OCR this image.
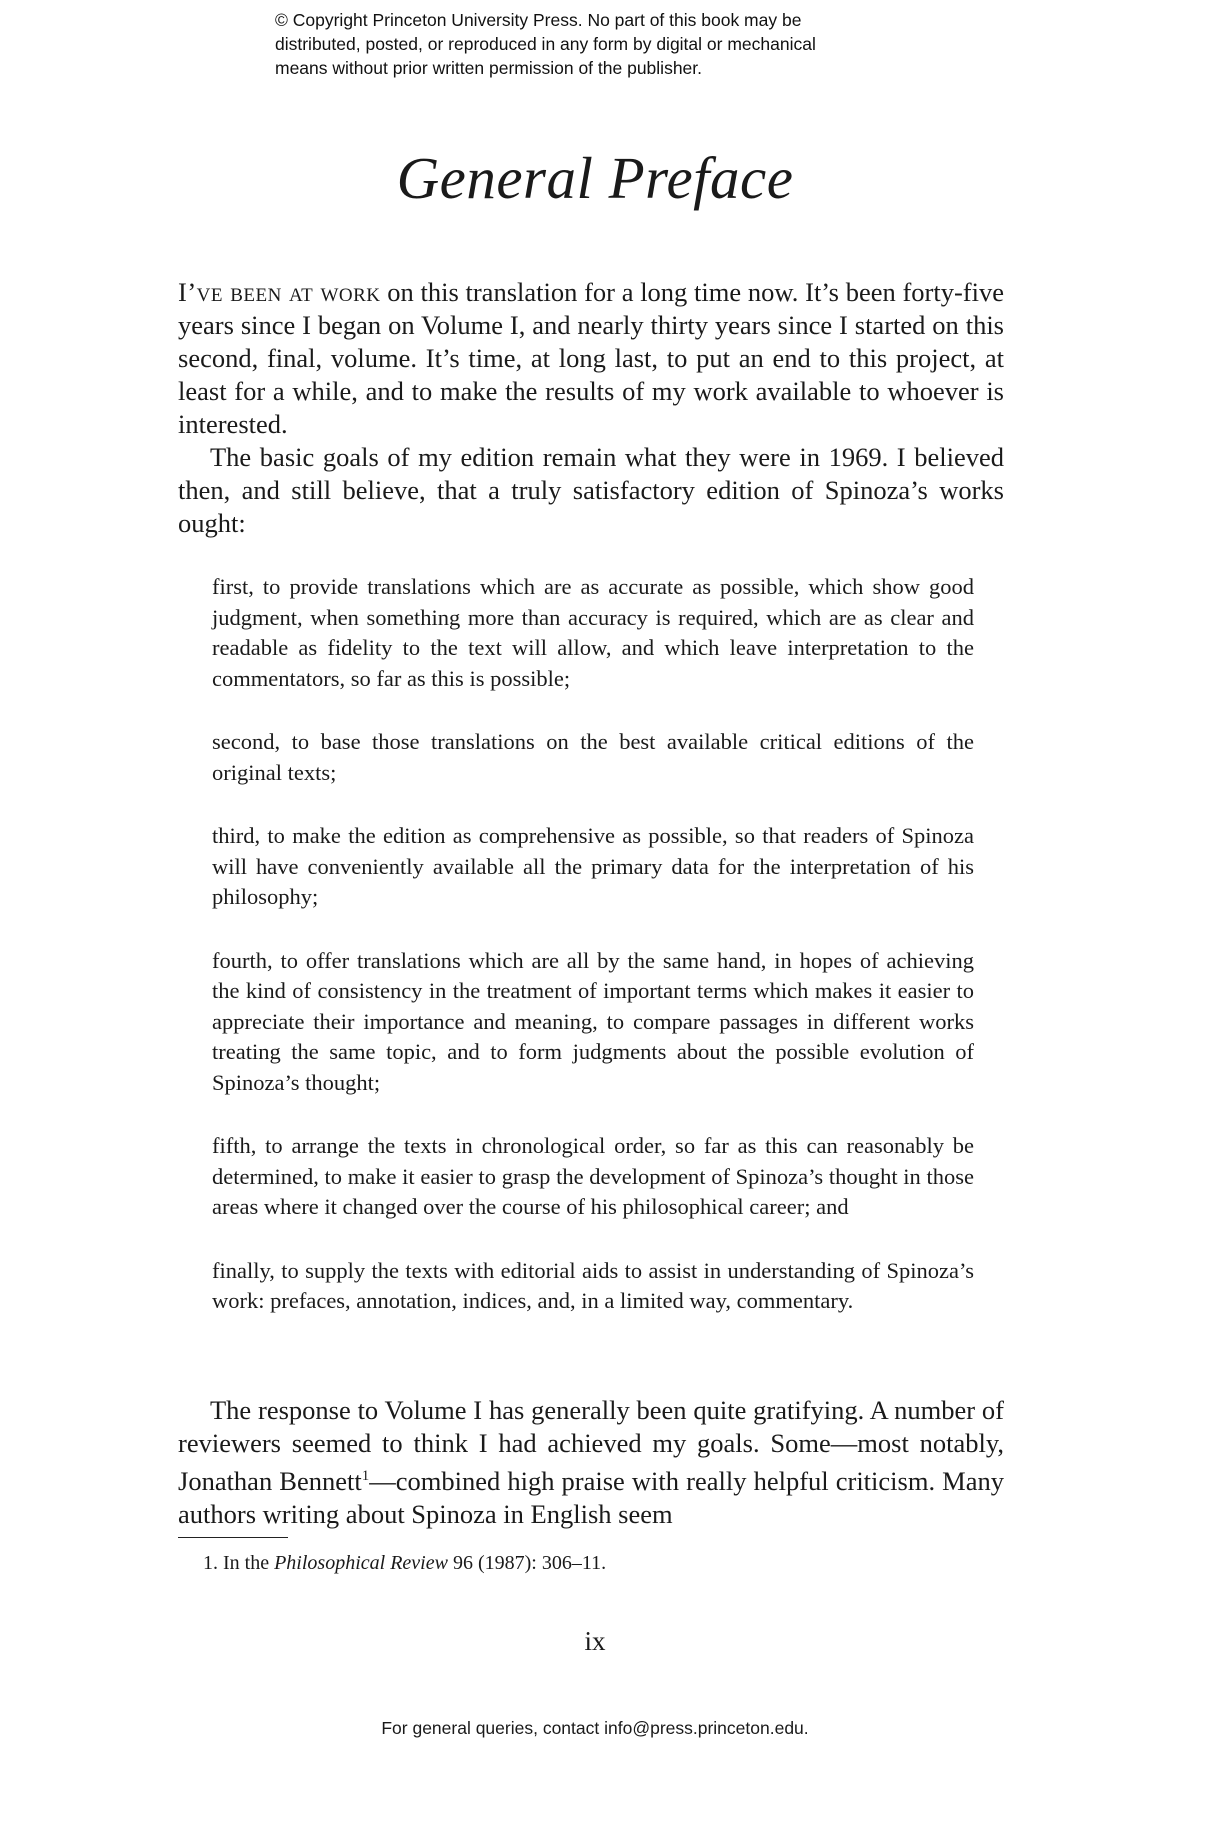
© Copyright Princeton University Press. No part of this book may be
distributed, posted, or reproduced in any form by digital or mechanical
means without prior written permission of the publisher.
General Preface

I’ve been at work on this translation for a long time now. It’s been forty-five years since I began on Volume I, and nearly thirty years since I started on this second, final, volume. It’s time, at long last, to put an end to this project, at least for a while, and to make the results of my work available to whoever is interested.

The basic goals of my edition remain what they were in 1969. I believed then, and still believe, that a truly satisfactory edition of Spinoza’s works ought:

first, to provide translations which are as accurate as possible, which show good judgment, when something more than accuracy is required, which are as clear and readable as fidelity to the text will allow, and which leave interpretation to the commentators, so far as this is possible;
second, to base those translations on the best available critical editions of the original texts;
third, to make the edition as comprehensive as possible, so that readers of Spinoza will have conveniently available all the primary data for the interpretation of his philosophy;
fourth, to offer translations which are all by the same hand, in hopes of achieving the kind of consistency in the treatment of important terms which makes it easier to appreciate their importance and meaning, to compare passages in different works treating the same topic, and to form judgments about the possible evolution of Spinoza’s thought;
fifth, to arrange the texts in chronological order, so far as this can reasonably be determined, to make it easier to grasp the development of Spinoza’s thought in those areas where it changed over the course of his philosophical career; and
finally, to supply the texts with editorial aids to assist in understanding of Spinoza’s work: prefaces, annotation, indices, and, in a limited way, commentary.

The response to Volume I has generally been quite gratifying. A number of reviewers seemed to think I had achieved my goals. Some—most notably, Jonathan Bennett$^1$—combined high praise with really helpful criticism. Many authors writing about Spinoza in English seem

1. In the Philosophical Review 96 (1987): 306–11.
ix
For general queries, contact info@press.princeton.edu.
